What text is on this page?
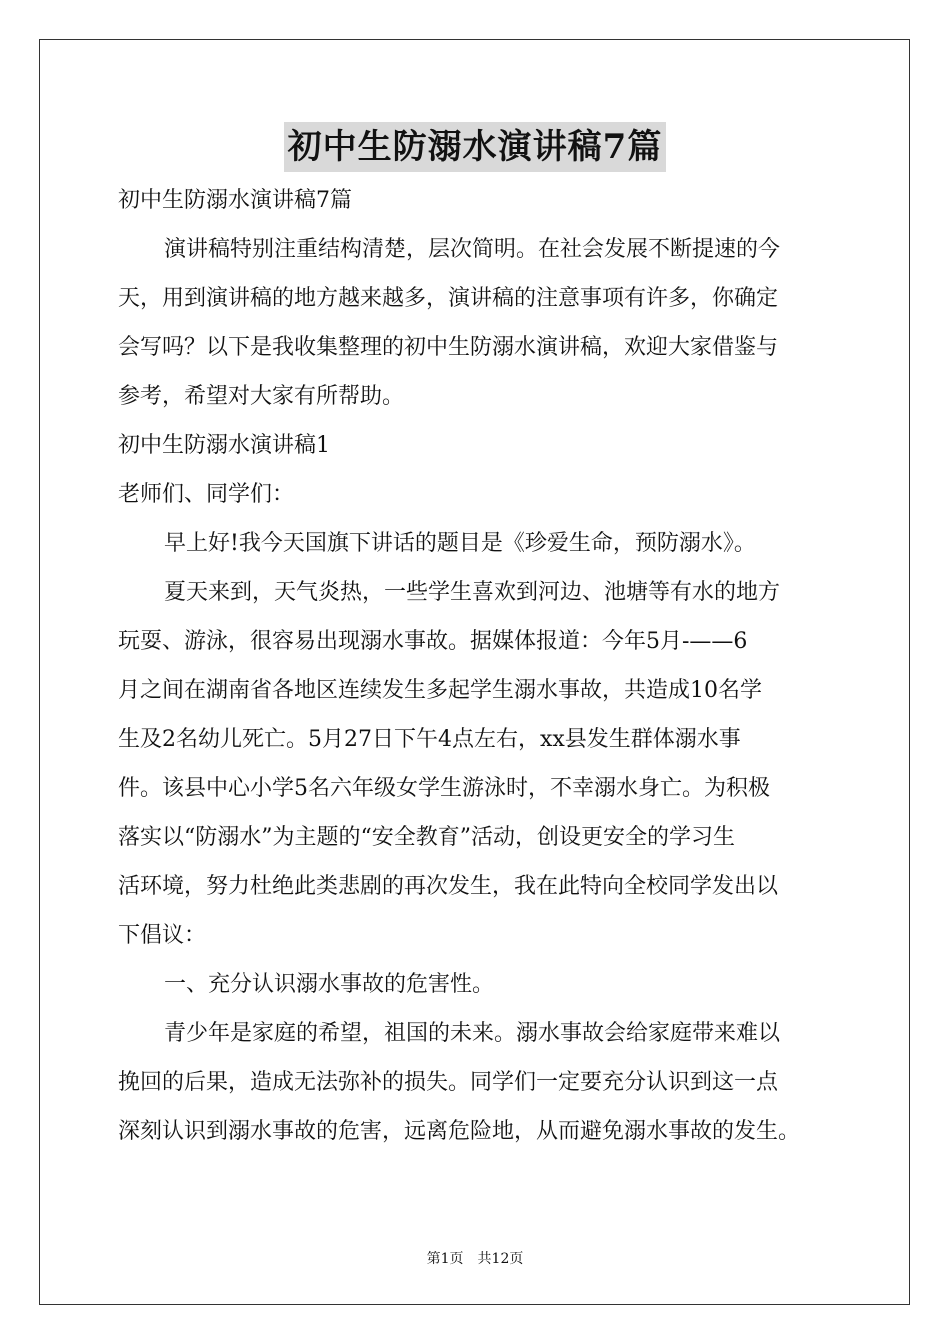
初中生防溺水演讲稿7篇

初中生防溺水演讲稿7篇

演讲稿特别注重结构清楚，层次简明。在社会发展不断提速的今

天，用到演讲稿的地方越来越多，演讲稿的注意事项有许多，你确定

会写吗？以下是我收集整理的初中生防溺水演讲稿，欢迎大家借鉴与

参考，希望对大家有所帮助。

初中生防溺水演讲稿1

老师们、同学们：

早上好!我今天国旗下讲话的题目是《珍爱生命，预防溺水》。

夏天来到，天气炎热，一些学生喜欢到河边、池塘等有水的地方

玩耍、游泳，很容易出现溺水事故。据媒体报道：今年5月-——6

月之间在湖南省各地区连续发生多起学生溺水事故，共造成10名学

生及2名幼儿死亡。5月27日下午4点左右，xx县发生群体溺水事

件。该县中心小学5名六年级女学生游泳时，不幸溺水身亡。为积极

落实以“防溺水”为主题的“安全教育”活动，创设更安全的学习生

活环境，努力杜绝此类悲剧的再次发生，我在此特向全校同学发出以

下倡议：

一、充分认识溺水事故的危害性。

青少年是家庭的希望，祖国的未来。溺水事故会给家庭带来难以

挽回的后果，造成无法弥补的损失。同学们一定要充分认识到这一点

深刻认识到溺水事故的危害，远离危险地，从而避免溺水事故的发生。

第1页　共12页
